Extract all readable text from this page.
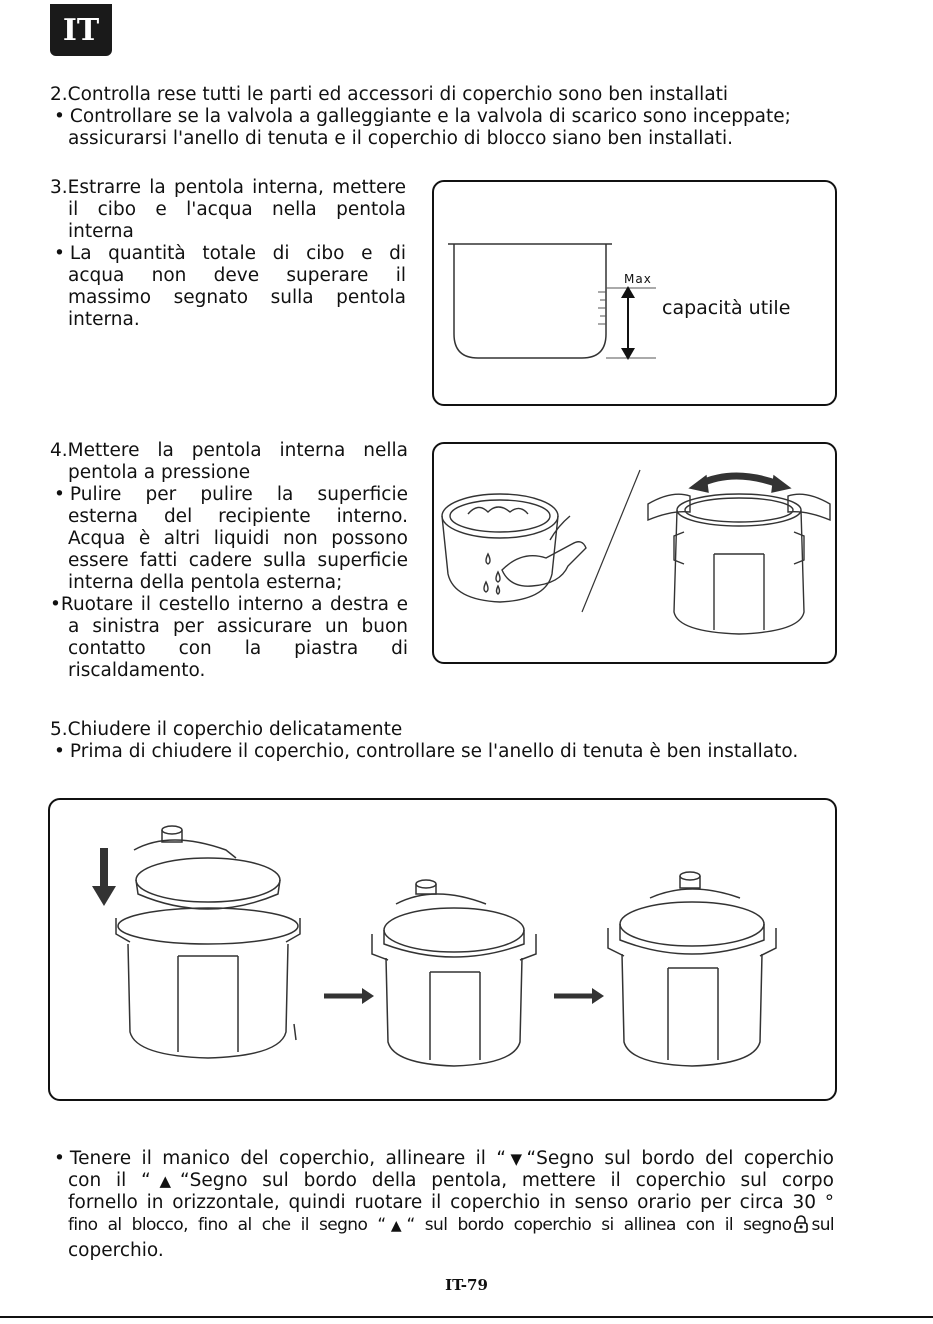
IT

2.Controlla rese tutti le parti ed accessori di coperchio sono ben installati

• Controllare se la valvola a galleggiante e la valvola di scarico sono inceppate;

assicurarsi l'anello di tenuta e il coperchio di blocco siano ben installati.

3.Estrarre la pentola interna, mettere

il cibo e l'acqua nella pentola

interna

• La quantità totale di cibo e di

acqua non deve superare il

massimo segnato sulla pentola

interna.

Max
capacità utile

4.Mettere la pentola interna nella

pentola a pressione

• Pulire per pulire la superficie

esterna del recipiente interno.

Acqua è altri liquidi non possono

essere fatti cadere sulla superficie

interna della pentola esterna;

•Ruotare il cestello interno a destra e

a sinistra per assicurare un buon

contatto con la piastra di

riscaldamento.

5.Chiudere il coperchio delicatamente

• Prima di chiudere il coperchio, controllare se l'anello di tenuta è ben installato.

• Tenere il manico del coperchio, allineare il “▼“Segno sul bordo del coperchio

con il “▲“Segno sul bordo della pentola, mettere il coperchio sul corpo

fornello in orizzontale, quindi ruotare il coperchio in senso orario per circa 30 °

fino al blocco, fino al che il segno “▲“ sul bordo coperchio si allinea con il segno sul

coperchio.

IT-79
